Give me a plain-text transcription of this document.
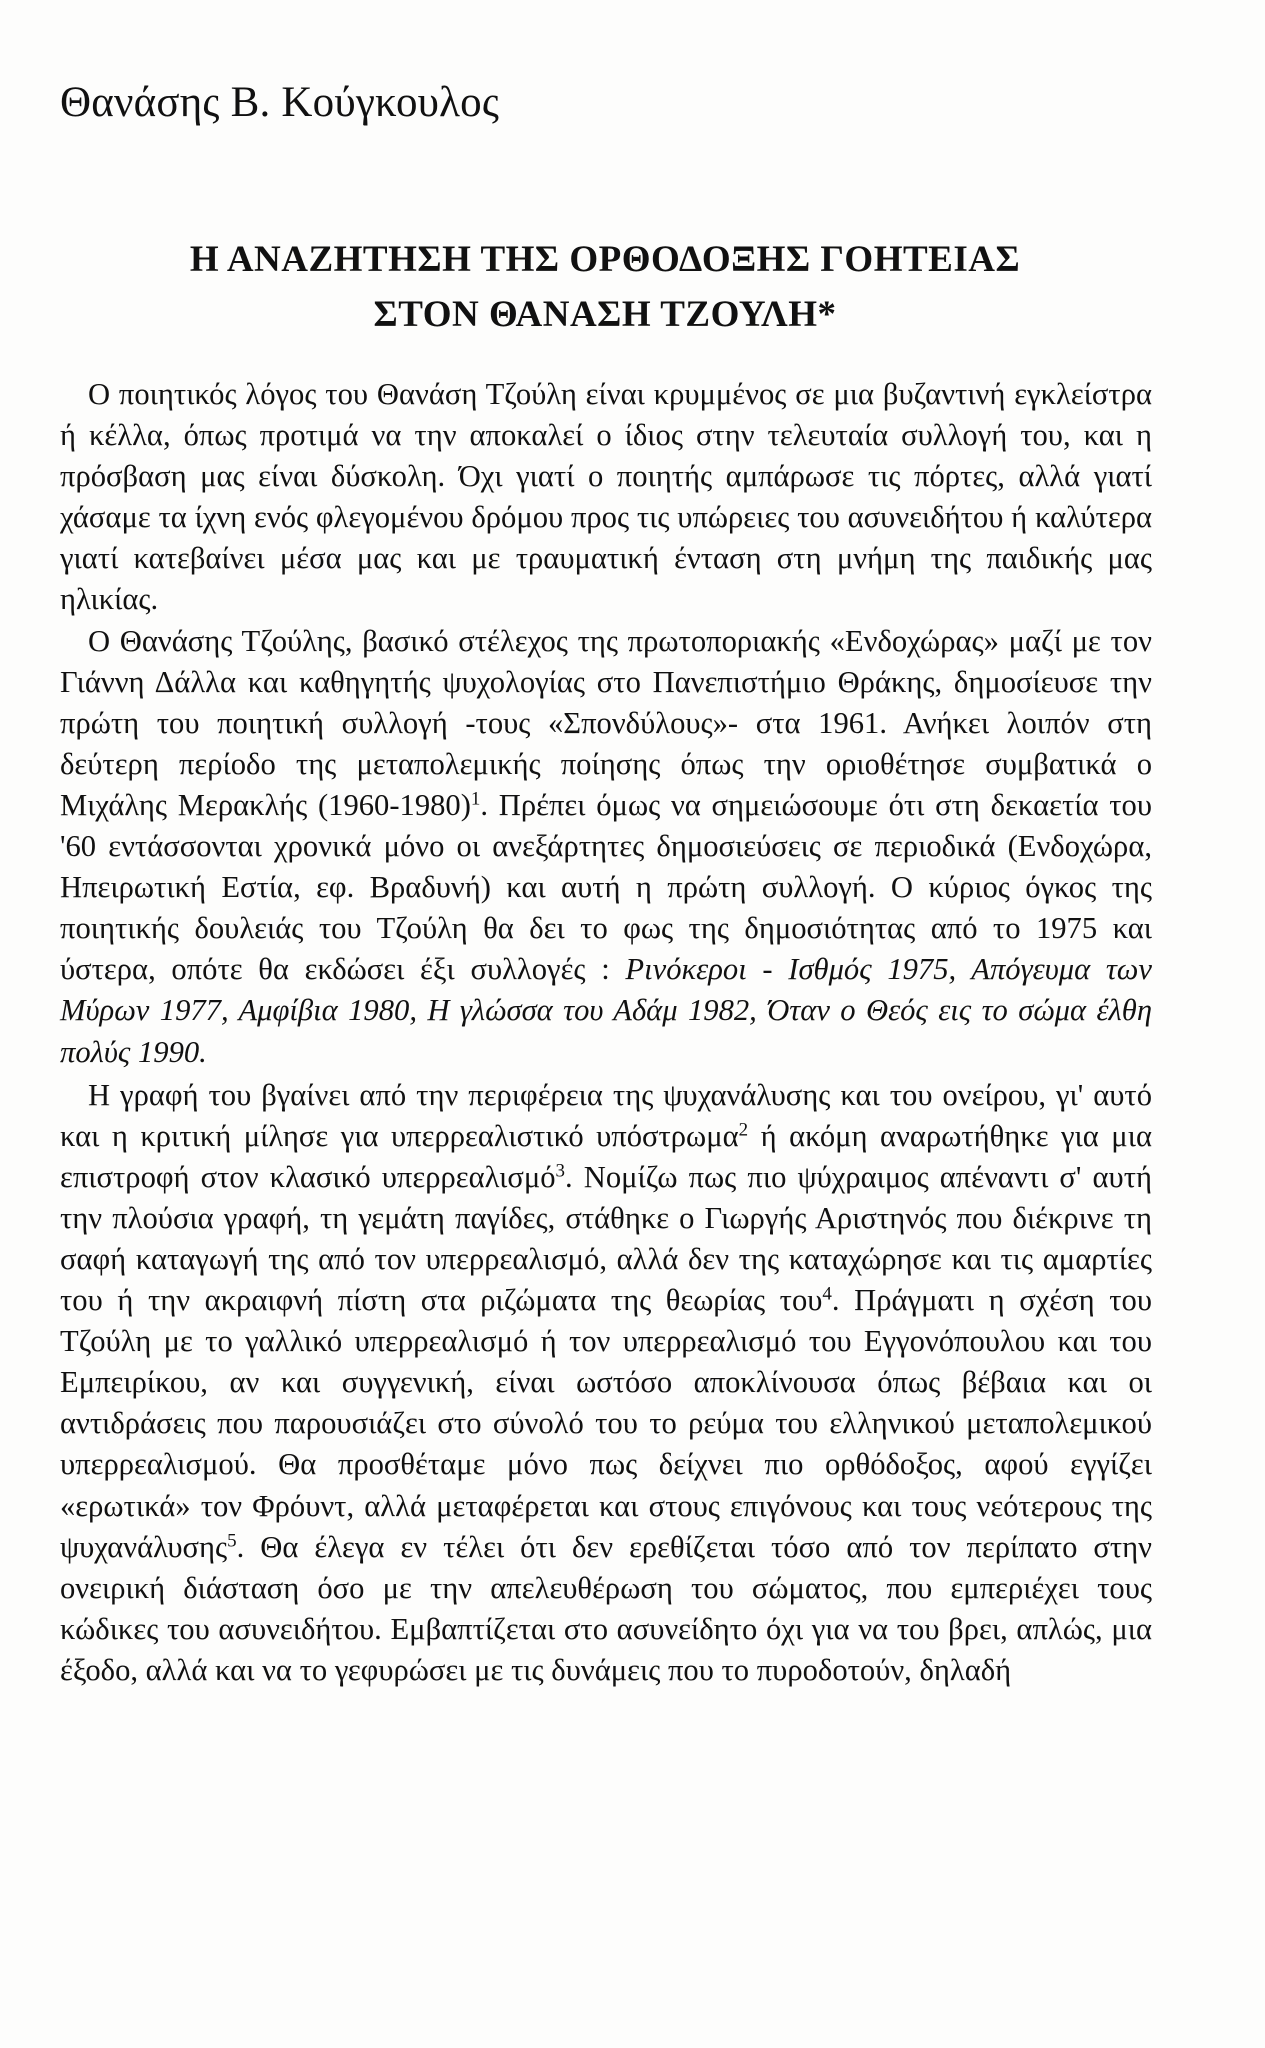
Θανάσης Β. Κούγκουλος
Η ΑΝΑΖΗΤΗΣΗ ΤΗΣ ΟΡΘΟΔΟΞΗΣ ΓΟΗΤΕΙΑΣ
ΣΤΟΝ ΘΑΝΑΣΗ ΤΖΟΥΛΗ*

Ο ποιητικός λόγος του Θανάση Τζούλη είναι κρυμμένος σε μια βυζαντινή εγκλείστρα ή κέλλα, όπως προτιμά να την αποκαλεί ο ίδιος στην τελευταία συλλογή του, και η πρόσβαση μας είναι δύσκολη. Όχι γιατί ο ποιητής αμπάρωσε τις πόρτες, αλλά γιατί χάσαμε τα ίχνη ενός φλεγομένου δρόμου προς τις υπώρειες του ασυνειδήτου ή καλύτερα γιατί κατεβαίνει μέσα μας και με τραυματική ένταση στη μνήμη της παιδικής μας ηλικίας.

Ο Θανάσης Τζούλης, βασικό στέλεχος της πρωτοποριακής «Ενδοχώρας» μαζί με τον Γιάννη Δάλλα και καθηγητής ψυχολογίας στο Πανεπιστήμιο Θράκης, δημοσίευσε την πρώτη του ποιητική συλλογή -τους «Σπονδύλους»- στα 1961. Ανήκει λοιπόν στη δεύτερη περίοδο της μεταπολεμικής ποίησης όπως την οριοθέτησε συμβατικά ο Μιχάλης Μερακλής (1960-1980)$^1$. Πρέπει όμως να σημειώσουμε ότι στη δεκαετία του '60 εντάσσονται χρονικά μόνο οι ανεξάρτητες δημοσιεύσεις σε περιοδικά (Ενδοχώρα, Ηπειρωτική Εστία, εφ. Βραδυνή) και αυτή η πρώτη συλλογή. Ο κύριος όγκος της ποιητικής δουλειάς του Τζούλη θα δει το φως της δημοσιότητας από το 1975 και ύστερα, οπότε θα εκδώσει έξι συλλογές : Ρινόκεροι - Ισθμός 1975, Απόγευμα των Μύρων 1977, Αμφίβια 1980, Η γλώσσα του Αδάμ 1982, Όταν ο Θεός εις το σώμα έλθη πολύς 1990.

Η γραφή του βγαίνει από την περιφέρεια της ψυχανάλυσης και του ονείρου, γι' αυτό και η κριτική μίλησε για υπερρεαλιστικό υπόστρωμα$^2$ ή ακόμη αναρωτήθηκε για μια επιστροφή στον κλασικό υπερρεαλισμό$^3$. Νομίζω πως πιο ψύχραιμος απέναντι σ' αυτή την πλούσια γραφή, τη γεμάτη παγίδες, στάθηκε ο Γιωργής Αριστηνός που διέκρινε τη σαφή καταγωγή της από τον υπερρεαλισμό, αλλά δεν της καταχώρησε και τις αμαρτίες του ή την ακραιφνή πίστη στα ριζώματα της θεωρίας του$^4$. Πράγματι η σχέση του Τζούλη με το γαλλικό υπερρεαλισμό ή τον υπερρεαλισμό του Εγγονόπουλου και του Εμπειρίκου, αν και συγγενική, είναι ωστόσο αποκλίνουσα όπως βέβαια και οι αντιδράσεις που παρουσιάζει στο σύνολό του το ρεύμα του ελληνικού μεταπολεμικού υπερρεαλισμού. Θα προσθέταμε μόνο πως δείχνει πιο ορθόδοξος, αφού εγγίζει «ερωτικά» τον Φρόυντ, αλλά μεταφέρεται και στους επιγόνους και τους νεότερους της ψυχανάλυσης$^5$. Θα έλεγα εν τέλει ότι δεν ερεθίζεται τόσο από τον περίπατο στην ονειρική διάσταση όσο με την απελευθέρωση του σώματος, που εμπεριέχει τους κώδικες του ασυνειδήτου. Εμβαπτίζεται στο ασυνείδητο όχι για να του βρει, απλώς, μια έξοδο, αλλά και να το γεφυρώσει με τις δυνάμεις που το πυροδοτούν, δηλαδή
